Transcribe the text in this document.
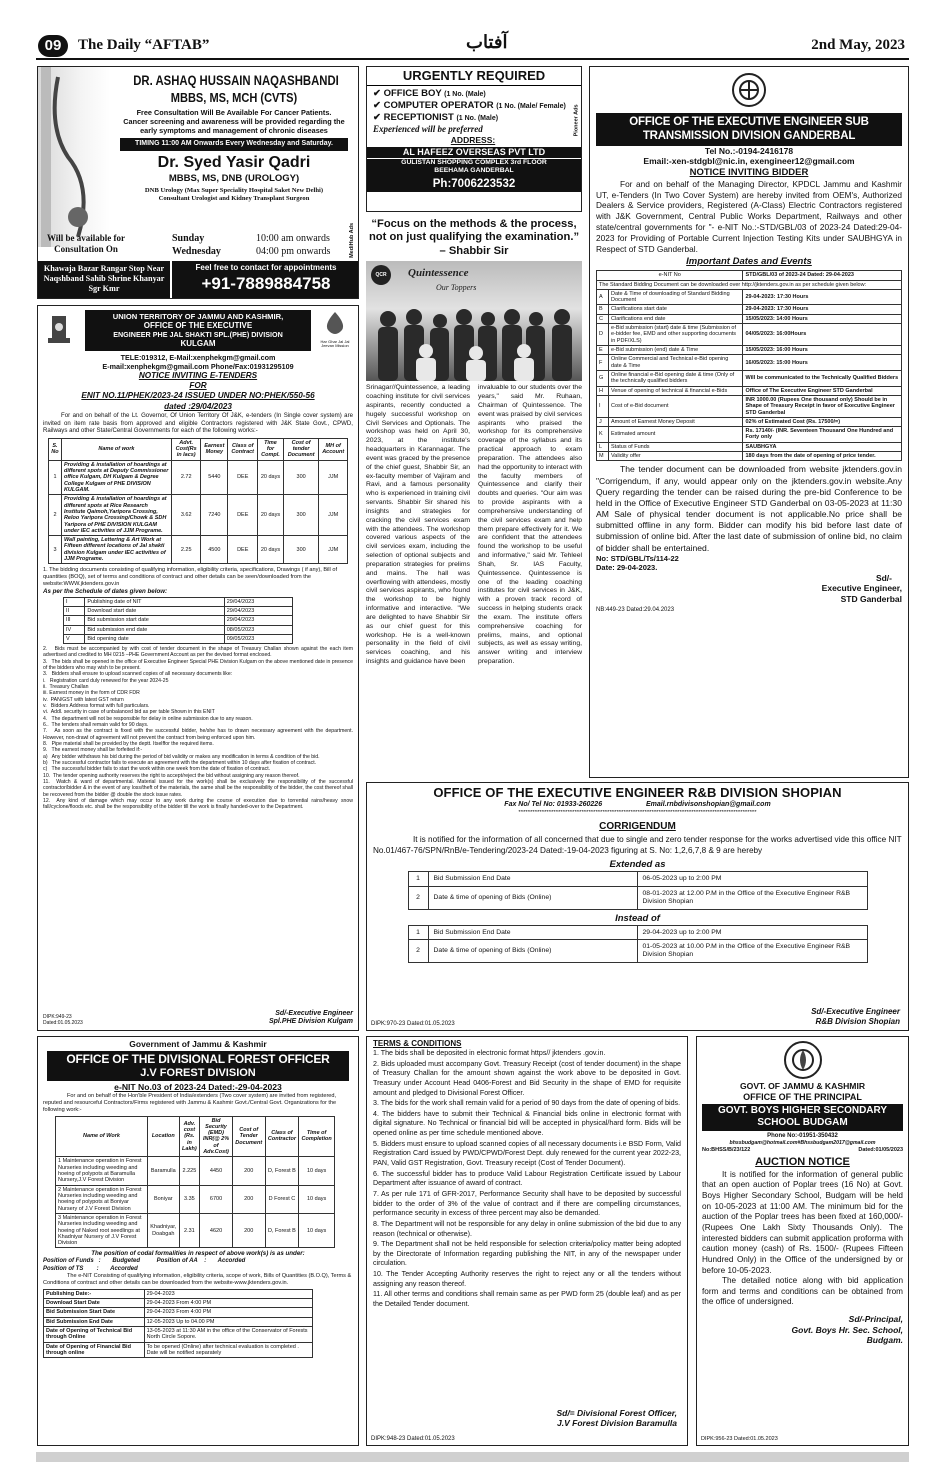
09	The Daily “AFTAB”	آفتاب	2nd May, 2023
DR. ASHAQ HUSSAIN NAQASHBANDI
MBBS, MS, MCH (CVTS)
Free Consultation Will Be Available For Cancer Patients.
Cancer screening and awareness will be provided regarding the early symptoms and management of chronic diseases
TIMING 11:00 AM Onwards Every Wednesday and Saturday.
Dr. Syed Yasir Qadri
MBBS, MS, DNB (UROLOGY)
DNB Urology (Max Super Speciality Hospital Saket New Delhi)
Consultant Urologist and Kidney Transplant Surgeon
MediHub Ads
Will be available for Consultation On
Sunday	10:00 am onwards
Wednesday	04:00 pm onwards
Khawaja Bazar Rangar Stop Near Naqshband Sahib Shrine Khanyar Sgr Kmr
Feel free to contact for appointments
+91-7889884758
URGENTLY REQUIRED
✔ OFFICE BOY (1 No. (Male)
✔ COMPUTER OPERATOR (1 No. (Male/ Female)
✔ RECEPTIONIST (1 No. (Male)
Experienced will be preferred
ADDRESS:
AL HAFEEZ OVERSEAS PVT LTD
GULISTAN SHOPPING COMPLEX 3rd FLOOR
BEEHAMA GANDERBAL
Ph:7006223532
Pioneer Ads
“Focus on the methods & the process, not on just qualifying the examination.” – Shabbir Sir
QCR	Quintessence
Our Toppers
Srinagar//Quintessence, a leading coaching institute for civil services aspirants, recently conducted a hugely successful workshop on Civil Services and Optionals. The workshop was held on April 30, 2023, at the institute's headquarters in Karannagar. The event was graced by the presence of the chief guest, Shabbir Sir, an ex-faculty member of Vajiram and Ravi, and a famous personality who is experienced in training civil servants. Shabbir Sir shared his insights and strategies for cracking the civil services exam with the attendees. The workshop covered various aspects of the civil services exam, including the selection of optional subjects and preparation strategies for prelims and mains. The hall was overflowing with attendees, mostly civil services aspirants, who found the workshop to be highly informative and interactive. "We are delighted to have Shabbir Sir as our chief guest for this workshop. He is a well-known personality in the field of civil services coaching, and his insights and guidance have been
invaluable to our students over the years," said Mr. Ruhaan, Chairman of Quintessence. The event was praised by civil services aspirants who praised the workshop for its comprehensive coverage of the syllabus and its practical approach to exam preparation. The attendees also had the opportunity to interact with the faculty members of Quintessence and clarify their doubts and queries. "Our aim was to provide aspirants with a comprehensive understanding of the civil services exam and help them prepare effectively for it. We are confident that the attendees found the workshop to be useful and informative," said Mr. Tehleel Shah, Sr. IAS Faculty, Quintessence. Quintessence is one of the leading coaching institutes for civil services in J&K, with a proven track record of success in helping students crack the exam. The institute offers comprehensive coaching for prelims, mains, and optional subjects, as well as essay writing, answer writing and interview preparation.
OFFICE OF THE EXECUTIVE ENGINEER SUB TRANSMISSION DIVISION GANDERBAL
Tel No.:-0194-2416178
Email:-xen-stdgbl@nic.in, exengineer12@gmail.com
NOTICE INVITING BIDDER
For and on behalf of the Managing Director, KPDCL Jammu and Kashmir UT, e-Tenders (In Two Cover System) are hereby invited from OEM's, Authorized Dealers & Service providers, Registered (A-Class) Electric Contractors registered with J&K Government, Central Public Works Department, Railways and other state/central governments for "- e-NIT No.:-STD/GBL/03 of 2023-24 Dated:29-04-2023 for Providing of Portable Current Injection Testing Kits under SAUBHGYA in Respect of STD Ganderbal.
Important Dates and Events
e-NIT No		STD/GBL/03 of 2023-24 Dated: 29-04-2023
The Standard Bidding Document can be downloaded over http://jktenders.gov.in as per schedule given below:		
A	Date & Time of downloading of Standard Bidding Document	29-04-2023: 17:30 Hours
B	Clarifications start date	29-04-2023: 17:30 Hours
C	Clarifications end date	15/05/2023: 14:00 Hours
D	e-Bid submission (start) date & time (Submission of e-bidder fee, EMD and other supporting documents in PDF/XLS)	04/05/2023: 16:00Hours
E	e-Bid submission (end) date & Time	15/05/2023: 16:00 Hours
F	Online Commercial and Technical e-Bid opening date & Time	16/05/2023: 15:00 Hours
G	Online financial e-Bid opening date & time (Only of the technically qualified bidders	Will be communicated to the Technically Qualified Bidders
H	Venue of opening of technical & financial e-Bids	Office of The Executive Engineer STD Ganderbal
I	Cost of e-Bid document	INR 1000.00 (Rupees One thousand only) Should be in Shape of Treasury Receipt in favor of Executive Engineer STD Ganderbal
J	Amount of Earnest Money Deposit	02% of Estimated Cost (Rs. 17500/=)
K	Estimated amount	Rs. 17140/- (INR. Seventeen Thousand One Hundred and Forty only
L	Status of Funds	SAUBHGYA
M	Validity offer	180 days from the date of opening of price tender.
The tender document can be downloaded from website jktenders.gov.in "Corrigendum, if any, would appear only on the jktenders.gov.in website.Any Query regarding the tender can be raised during the pre-bid Conference to be held in the Office of Executive Engineer STD Ganderbal on 03-05-2023 at 11:30 AM Sale of physical tender document is not applicable.No price shall be submitted offline in any form. Bidder can modify his bid before last date of submission of online bid. After the last date of submission of online bid, no claim of bidder shall be entertained.
No: STD/GBL/Ts/114-22
Date: 29-04-2023.
Sd/-
Executive Engineer,
STD Ganderbal
NB:449-23 Dated:29.04.2023
Har Ghar Jal Jal Jeevan Mission
UNION TERRITORY OF JAMMU AND KASHMIR,
OFFICE OF THE EXECUTIVE
ENGINEER PHE JAL SHAKTI SPL.(PHE) DIVISION
KULGAM
TELE:019312, E-Mail:xenphekgm@gmail.com
E-mail:xenphekgm@gmail.com Phone/Fax:01931295109
NOTICE INVITING E-TENDERS
FOR
ENIT NO.11/PHEK/2023-24 ISSUED UNDER NO:PHEK/550-56
dated :29/04/2023
For and on behalf of the Lt. Governor, Of Union Territory Of J&K, e-tenders (In Single cover system) are invited on item rate basis from approved and eligible Contractors registered with J&K State Govt., CPWD, Railways and other State/Central Governments for each of the following works:-
S. No	Name of work	Advt. Cost(Rs in lacs)	Earnest Money	Class of Contract	Time for Compl.	Cost of tender Document	MH of Account
1	Providing & installation of hoardings at different spots at Deputy Commissioner office Kulgam, DH Kulgam & Degree College Kulgam of PHE DIVISION KULGAM.	2.72	5440	DEE	20 days	300	JJM
2	Providing & installation of hoardings at different spots at Rice Research Institute Qaimoh,Yaripora Crossing, Reloo Yaripora Crossing/Chowk & SDH Yaripora of PHE DIVISION KULGAM under IEC activities of JJM Programe.	3.62	7240	DEE	20 days	300	JJM
3	Wall painting, Lettering & Art Work at Fifteen different locations of Jal shakti division Kulgam under IEC activities of JJM Programe.	2.25	4500	DEE	20 days	300	JJM
1. The bidding documents consisting of qualifying information, eligibility criteria, specifications, Drawings ( if any), Bill of quantities (BOQ), set of terms and conditions of contract and other details can be seen/downloaded from the website:WWW.jktenders.gov.in
As per the Schedule of dates given below:
I	Publishing date of NIT	29/04/2023
II	Download start date	29/04/2023
III	Bid submission start date	29/04/2023
IV	Bid submission end date	08/05/2023
V	Bid opening date	09/05/2023
2.   Bids must be accompanied by with cost of tender document in the shape of Treasury Challan shown against the each item advertised and credited to MH 0215 –PHE Government Account as per the devised format enclosed.
3.   The bids shall be opened in the office of Executive Engineer Special PHE Division Kulgam on the above mentioned date in presence of the bidders who may wish to be present.
3.   Bidders shall ensure to upload scanned copies of all necessary documents like:
i.   Registration card duly renewed for the year 2024-25
ii.  Treasury Challan
iii. Earnest money in the form of CDR FDR
iv.  PAN/GST with latest GST return
v.   Bidders Address format with full particulars.
vi.  Addl. security in case of unbalanced bid as per table Shown in this ENIT
4.   The department will not be responsible for delay in online submission due to any reason.
6..  The tenders shall remain valid for 90 days.
7.   As soon as the contract is fixed with the successful bidder, he/she has to drawn necessary agreement with the department. However, non-drawl of agreement will not prevent the contract from being enforced upon him.
8.   Pipe material shall be provided by the deptt. Itselffor the required items.
9.   The earnest money shall be forfeited if:-
a)   Any bidder withdraws his bid during the period of bid validity or makes any modification in terms & condition of the bid.
b)   The successful contractor fails to execute an agreement with the department within 10 days after fixation of contract.
c)   The successful bidder fails to start the work within one week from the date of fixation of contract.
10.  The tender opening authority reserves the right to accept/reject the bid without assigning any reason thereof.
11.  Watch & ward of departmental. Material issued for the work(s) shall be exclusively the responsibility of the successful contractor/bidder & in the event of any loss/theft of the materials, the same shall be the responsibility of the bidder, the cost thereof shall be recovered from the bidder @ double the stock issue rates.
12.  Any kind of damage which may occur to any work during the course of execution due to torrential rains/heavy snow fall/cyclone/floods etc. shall be the responsibility of the bidder till the work is finally handed-over to the Department.
DIPK:949-23
Dated:01.05.2023
Sd/-Executive Engineer
Spl.PHE Division Kulgam
OFFICE OF THE EXECUTIVE ENGINEER R&B DIVISION SHOPIAN
Fax No/ Tel No: 01933-260226	Email.rnbdivisonshopian@gmail.com
******************************************************************************************************
CORRIGENDUM
It is notified for the information of all concerned that due to single and zero tender response for the works advertised vide this office NIT No.01/467-76/SPN/RnB/e-Tendering/2023-24 Dated:-19-04-2023 figuring at S. No: 1,2,6,7,8 & 9 are hereby
Extended as
1	Bid Submission End Date	06-05-2023 up to 2:00 PM
2	Date & time of opening of Bids (Online)	08-01-2023 at 12.00 P.M in the Office of the Executive Engineer R&B Division Shopian
Instead of
1	Bid Submission End Date	29-04-2023 up to 2:00 PM
2	Date & time of opening of Bids (Online)	01-05-2023 at 10.00 P.M in the Office of the Executive Engineer R&B Division Shopian
Sd/-Executive Engineer
R&B Division Shopian
DIPK:970-23 Dated:01.05.2023
Government of Jammu & Kashmir
OFFICE OF THE DIVISIONAL FOREST OFFICER
J.V FOREST DIVISION
e-NIT No.03 of 2023-24 Dated:-29-04-2023
For and on behalf of the Hon'ble President of India/extenders (Two cover system) are invited from registered, reputed and resourceful Contractors/Firms registered with Jammu & Kashmir Govt./Central Govt. Organizations for the following work:-
Name of Work	Location	Adv. cost (Rs. in Lakh)	Bid Security (EMD) INR(@ 2% of Adv.Cost)	Cost of Tender Document	Class of Contractor	Time of Completion
1 Maintenance operation in Forest Nurseries including weeding and hoeing of polypots at Baramulla Nursery,J.V Forest Division	Baramulla	2.225	4450	200	D, Forest B	10 days
2 Maintenance operation in Forest Nurseries including weeding and hoeing of polypots at Boniyar Nursery of J.V Forest Division	Boniyar	3.35	6700	200	D Forest C	10 days
3 Maintenance operation in Forest Nurseries including weeding and hoeing of Naked root seedlings at Khadniyar Nursery of J.V Forest Division	Khadniyar, Doabgah	2.31	4620	200	D, Forest B	10 days
The position of codal formalities in respect of above work(s) is as under:
Position of Funds   :       Budgeted          Position of AA    :       Accorded
Position of TS        :       Accorded
The e-NIT Consisting of qualifying information, eligibility criteria, scope of work, Bills of Quantities (B.O.Q), Terms & Conditions of contract and other details can be downloaded from the website-www.jktenders.gov.in.
Publishing Date:-	29-04-2023
Download Start Date	29-04-2023 From 4:00 PM
Bid Submission Start Date	29-04-2023 From 4:00 PM
Bid Submission End Date	12-05-2023 Up to 04.00 PM
Date of Opening of Technical Bid through Online	13-05-2023 at 11:30 AM in the office of the Conservator of Forests North Circle Sopore.
Date of Opening of Financial Bid through online	To be opened (Online) after technical evaluation is completed . Date will be notified separately
TERMS & CONDITIONS
1. The bids shall be deposited in electronic format https// jktenders .gov.in.
2. Bids uploaded must accompany Govt. Treasury Receipt (cost of tender document) in the shape of Treasury Challan for the amount shown against the work above to be deposited in Govt. Treasury under Account Head 0406-Forest and Bid Security in the shape of EMD for requisite amount and pledged to Divisional Forest Officer.
3. The bids for the work shall remain valid for a period of 90 days from the date of opening of bids.
4. The bidders have to submit their Technical & Financial bids online in electronic format with digital signature. No Technical or financial bid will be accepted in physical/hard form. Bids will be opened online as per time schedule mentioned above.
5. Bidders must ensure to upload scanned copies of all necessary documents i.e BSD Form, Valid Registration Card issued by PWD/CPWD/Forest Dept. duly renewed for the current year 2022-23, PAN, Valid GST Registration, Govt. Treasury receipt (Cost of Tender Document).
6. The successful bidder has to produce Valid Labour Registration Certificate issued by Labour Department after issuance of award of contract.
7. As per rule 171 of GFR-2017, Performance Security shall have to be deposited by successful bidder to the order of 3% of the value of contract and if there are compelling circumstances, performance security in excess of three percent may also be demanded.
8. The Department will not be responsible for any delay in online submission of the bid due to any reason (technical or otherwise).
9. The Department shall not be held responsible for selection criteria/policy matter being adopted by the Directorate of Information regarding publishing the NIT, in any of the newspaper under circulation.
10. The Tender Accepting Authority reserves the right to reject any or all the tenders without assigning any reason thereof.
11. All other terms and conditions shall remain same as per PWD form 25 (double leaf) and as per the Detailed Tender document.
Sd/= Divisional Forest Officer,
J.V Forest Division Baramulla
DIPK:948-23 Dated:01.05.2023
GOVT. OF JAMMU & KASHMIR
OFFICE OF THE PRINCIPAL
GOVT. BOYS HIGHER SECONDARY
SCHOOL BUDGAM
Phone No:-01951-350432
bhssbudgam@hotmail.com#Bhssbudgam2017@gmail.com
No:BHSS/B/23/122	Dated:01/05/2023
AUCTION NOTICE
It is notified for the information of general public that an open auction of Poplar trees (16 No) at Govt. Boys Higher Secondary School, Budgam will be held on 10-05-2023 at 11:00 AM. The minimum bid for the auction of the Poplar trees has been fixed at 160,000/- (Rupees One Lakh Sixty Thousands Only). The interested bidders can submit application proforma with caution money (cash) of Rs. 1500/- (Rupees Fifteen Hundred Only) in the Office of the undersigned by or before 10-05-2023.
The detailed notice along with bid application form and terms and conditions can be obtained from the office of undersigned.
Sd/-Principal,
Govt. Boys Hr. Sec. School,
Budgam.
DIPK:956-23 Dated:01.05.2023
